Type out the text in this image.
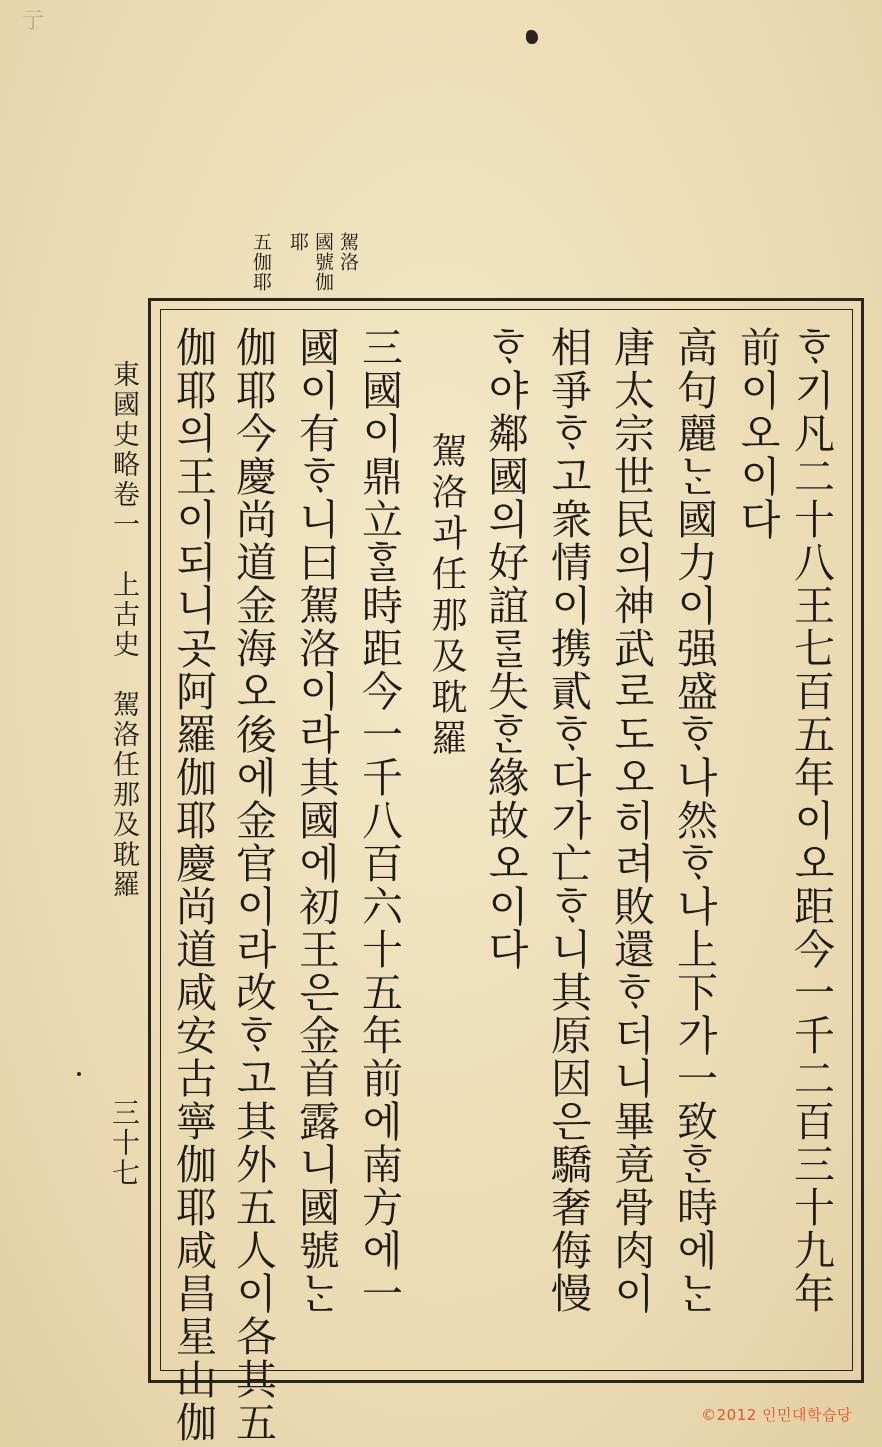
亍
駕洛
國號伽
耶
五伽耶
ᄒᆞ기凡二十八王七百五年이오距今一千二百三十九年
前이오이다
高句麗ᄂᆞᆫ國力이强盛ᄒᆞ나然ᄒᆞ나上下가一致ᄒᆞᆫ時에ᄂᆞᆫ
唐太宗世民의神武로도오히려敗還ᄒᆞ더니畢竟骨肉이
相爭ᄒᆞ고衆情이携貳ᄒᆞ다가亡ᄒᆞ니其原因은驕奢侮慢
ᄒᆞ야鄰國의好誼ᄅᆞᆯ失ᄒᆞᆫ緣故오이다
駕洛과任那及耽羅
三國이鼎立ᄒᆞᆯ時距今一千八百六十五年前에南方에一
國이有ᄒᆞ니曰駕洛이라其國에初王은金首露니國號ᄂᆞᆫ
伽耶今慶尚道金海오後에金官이라改ᄒᆞ고其外五人이各其五
伽耶의王이되니곳阿羅伽耶慶尚道咸安古寧伽耶咸昌星山伽
東國史略卷一　上古史　駕洛任那及耽羅
三十七
©2012 인민대학습당
